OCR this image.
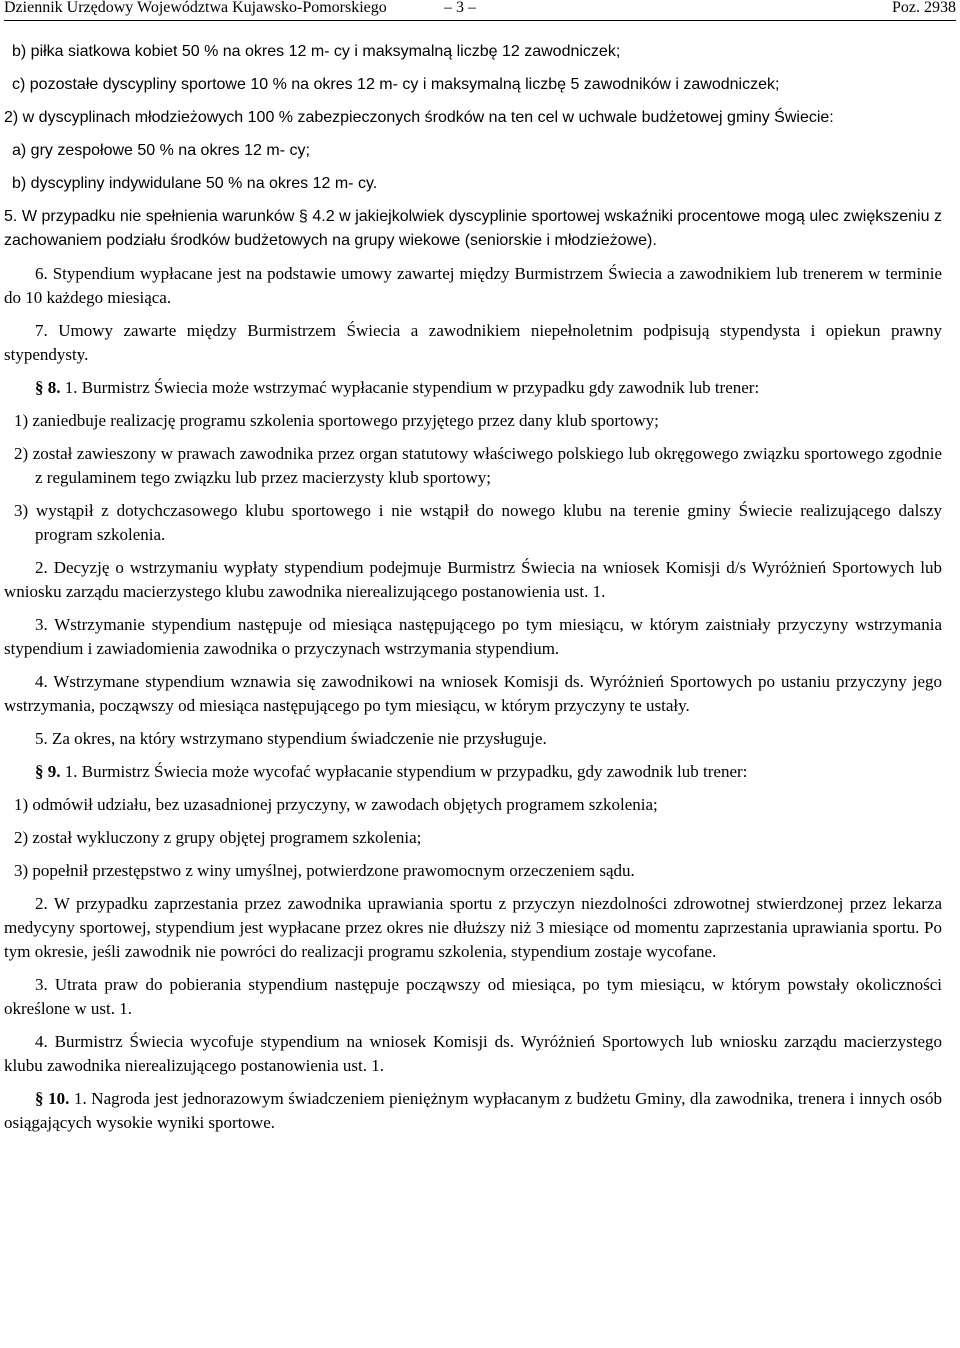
Dziennik Urzędowy Województwa Kujawsko-Pomorskiego	– 3 –	Poz. 2938

b) piłka siatkowa kobiet 50 % na okres 12 m- cy i maksymalną liczbę 12 zawodniczek;

c) pozostałe dyscypliny sportowe 10 % na okres 12 m- cy i maksymalną liczbę 5 zawodników i zawodniczek;

2) w dyscyplinach młodzieżowych 100 % zabezpieczonych środków na ten cel w uchwale budżetowej gminy Świecie:

a) gry zespołowe 50 % na okres 12 m- cy;

b) dyscypliny indywidulane 50 % na okres 12 m- cy.

5. W przypadku nie spełnienia warunków § 4.2 w jakiejkolwiek dyscyplinie sportowej wskaźniki procentowe mogą ulec zwiększeniu z zachowaniem podziału środków budżetowych na grupy wiekowe (seniorskie i młodzieżowe).

6. Stypendium wypłacane jest na podstawie umowy zawartej między Burmistrzem Świecia a zawodnikiem lub trenerem w terminie do 10 każdego miesiąca.

7. Umowy zawarte między Burmistrzem Świecia a zawodnikiem niepełnoletnim podpisują stypendysta i opiekun prawny stypendysty.

§ 8. 1. Burmistrz Świecia może wstrzymać wypłacanie stypendium w przypadku gdy zawodnik lub trener:

1) zaniedbuje realizację programu szkolenia sportowego przyjętego przez dany klub sportowy;

2) został zawieszony w prawach zawodnika przez organ statutowy właściwego polskiego lub okręgowego związku sportowego zgodnie z regulaminem tego związku lub przez macierzysty klub sportowy;

3) wystąpił z dotychczasowego klubu sportowego i nie wstąpił do nowego klubu na terenie gminy Świecie realizującego dalszy program szkolenia.

2. Decyzję o wstrzymaniu wypłaty stypendium podejmuje Burmistrz Świecia na wniosek Komisji d/s Wyróżnień Sportowych lub wniosku zarządu macierzystego klubu zawodnika nierealizującego postanowienia ust. 1.

3. Wstrzymanie stypendium następuje od miesiąca następującego po tym miesiącu, w którym zaistniały przyczyny wstrzymania stypendium i zawiadomienia zawodnika o przyczynach wstrzymania stypendium.

4. Wstrzymane stypendium wznawia się zawodnikowi na wniosek Komisji ds. Wyróżnień Sportowych po ustaniu przyczyny jego wstrzymania, począwszy od miesiąca następującego po tym miesiącu, w którym przyczyny te ustały.

5. Za okres, na który wstrzymano stypendium świadczenie nie przysługuje.

§ 9. 1. Burmistrz Świecia może wycofać wypłacanie stypendium w przypadku, gdy zawodnik lub trener:

1) odmówił udziału, bez uzasadnionej przyczyny, w zawodach objętych programem szkolenia;

2) został wykluczony z grupy objętej programem szkolenia;

3) popełnił przestępstwo z winy umyślnej, potwierdzone prawomocnym orzeczeniem sądu.

2. W przypadku zaprzestania przez zawodnika uprawiania sportu z przyczyn niezdolności zdrowotnej stwierdzonej przez lekarza medycyny sportowej, stypendium jest wypłacane przez okres nie dłuższy niż 3 miesiące od momentu zaprzestania uprawiania sportu. Po tym okresie, jeśli zawodnik nie powróci do realizacji programu szkolenia, stypendium zostaje wycofane.

3. Utrata praw do pobierania stypendium następuje począwszy od miesiąca, po tym miesiącu, w którym powstały okoliczności określone w ust. 1.

4. Burmistrz Świecia wycofuje stypendium na wniosek Komisji ds. Wyróżnień Sportowych lub wniosku zarządu macierzystego klubu zawodnika nierealizującego postanowienia ust. 1.

§ 10. 1. Nagroda jest jednorazowym świadczeniem pieniężnym wypłacanym z budżetu Gminy, dla zawodnika, trenera i innych osób osiągających wysokie wyniki sportowe.
